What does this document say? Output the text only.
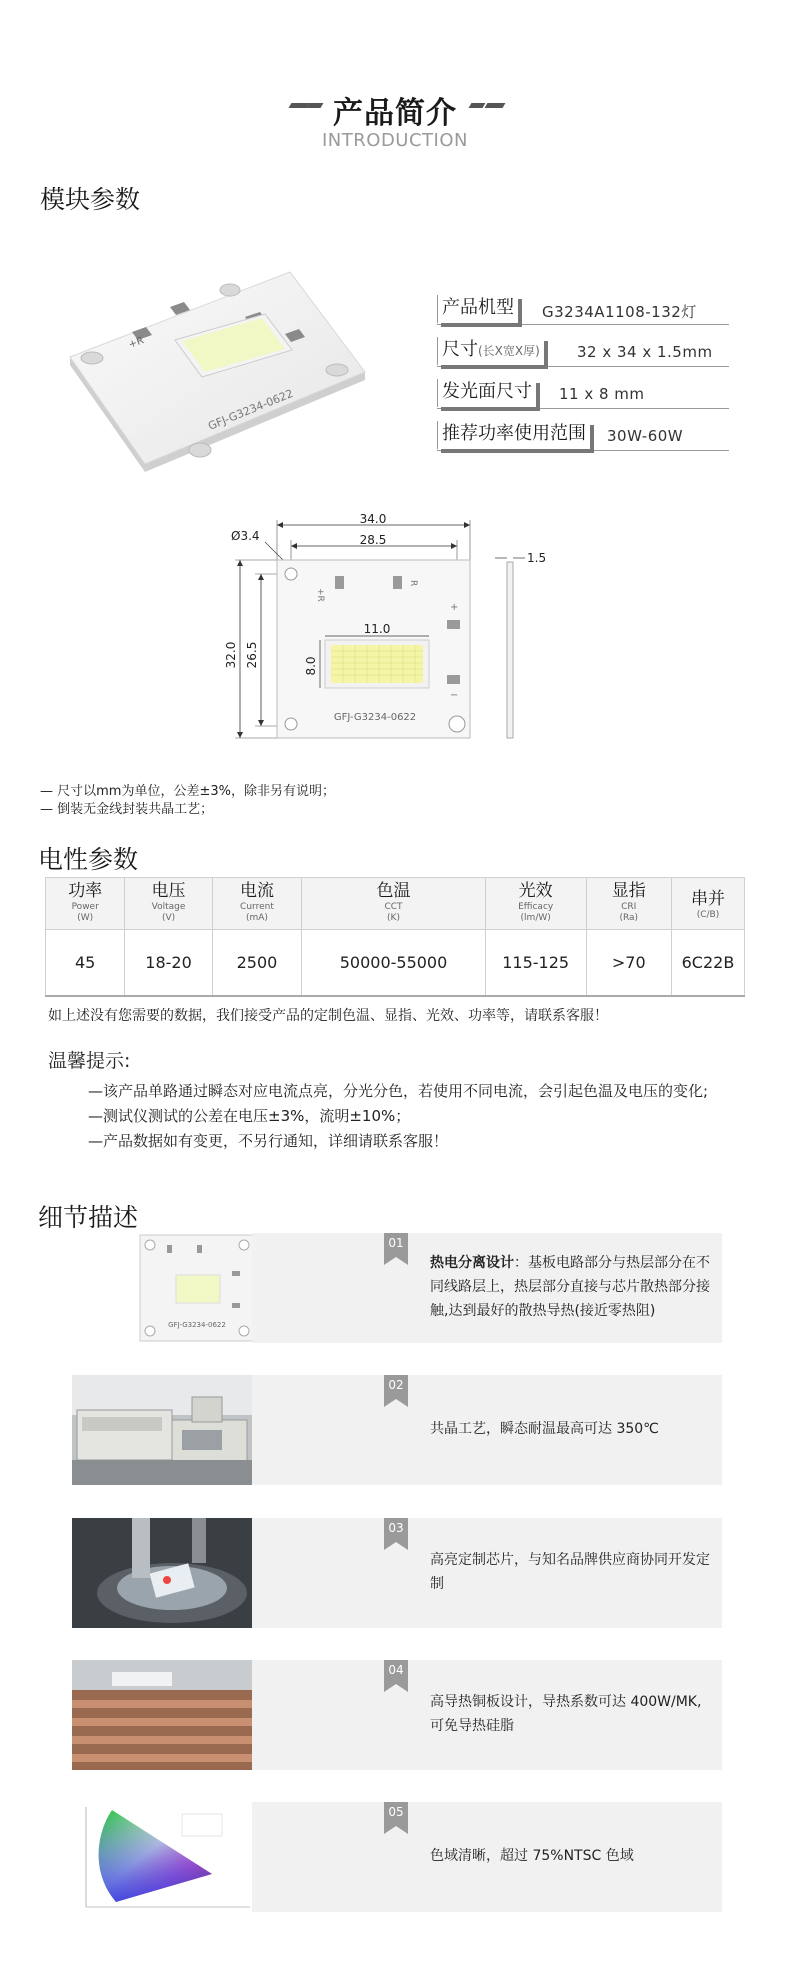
产品简介
INTRODUCTION
模块参数
+R
GFJ-G3234-0622
产品机型 G3234A1108-132灯
尺寸(长X宽X厚) 32 x 34 x 1.5mm
发光面尺寸 11 x 8 mm
推荐功率使用范围 30W-60W
34.0
28.5
Ø3.4
32.0 26.5
+R
R
+
−
11.0
8.0
GFJ-G3234-0622
1.5
— 尺寸以mm为单位，公差±3%，除非另有说明；
— 倒装无金线封装共晶工艺；
电性参数
功率
Power
(W)	电压
Voltage
(V)	电流
Current
(mA)	色温
CCT
(K)	光效
Efficacy
(lm/W)	显指
CRI
(Ra)	串并
(C/B)

45	18-20	2500	50000-55000	115-125	>70	6C22B
如上述没有您需要的数据，我们接受产品的定制色温、显指、光效、功率等，请联系客服！
温馨提示:
—该产品单路通过瞬态对应电流点亮，分光分色，若使用不同电流，会引起色温及电压的变化;
—测试仪测试的公差在电压±3%，流明±10%；
—产品数据如有变更，不另行通知，详细请联系客服！
细节描述
GFJ-G3234-0622
01
热电分离设计：基板电路部分与热层部分在不同线路层上，热层部分直接与芯片散热部分接触,达到最好的散热导热(接近零热阻)
02
共晶工艺，瞬态耐温最高可达 350℃
03
高亮定制芯片，与知名品牌供应商协同开发定制
04
高导热铜板设计，导热系数可达 400W/MK,可免导热硅脂
05
色域清晰，超过 75%NTSC 色域
